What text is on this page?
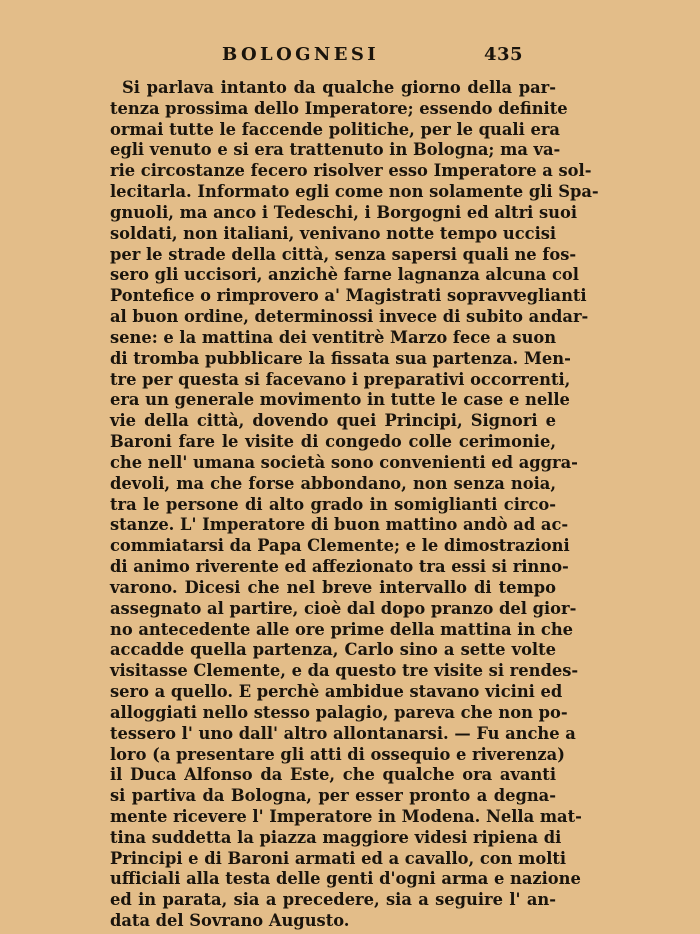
BOLOGNESI	435
Si parlava intanto da qualche giorno della par-
tenza prossima dello Imperatore; essendo definite
ormai tutte le faccende politiche, per le quali era
egli venuto e si era trattenuto in Bologna; ma va-
rie circostanze fecero risolver esso Imperatore a sol-
lecitarla. Informato egli come non solamente gli Spa-
gnuoli, ma anco i Tedeschi, i Borgogni ed altri suoi
soldati, non italiani, venivano notte tempo uccisi
per le strade della città, senza sapersi quali ne fos-
sero gli uccisori, anzichè farne lagnanza alcuna col
Pontefice o rimprovero a' Magistrati sopravveglianti
al buon ordine, determinossi invece di subito andar-
sene: e la mattina dei ventitrè Marzo fece a suon
di tromba pubblicare la fissata sua partenza. Men-
tre per questa si facevano i preparativi occorrenti,
era un generale movimento in tutte le case e nelle
vie della città, dovendo quei Principi, Signori e
Baroni fare le visite di congedo colle cerimonie,
che nell' umana società sono convenienti ed aggra-
devoli, ma che forse abbondano, non senza noia,
tra le persone di alto grado in somiglianti circo-
stanze. L' Imperatore di buon mattino andò ad ac-
commiatarsi da Papa Clemente; e le dimostrazioni
di animo riverente ed affezionato tra essi si rinno-
varono. Dicesi che nel breve intervallo di tempo
assegnato al partire, cioè dal dopo pranzo del gior-
no antecedente alle ore prime della mattina in che
accadde quella partenza, Carlo sino a sette volte
visitasse Clemente, e da questo tre visite si rendes-
sero a quello. E perchè ambidue stavano vicini ed
alloggiati nello stesso palagio, pareva che non po-
tessero l' uno dall' altro allontanarsi. — Fu anche a
loro (a presentare gli atti di ossequio e riverenza)
il Duca Alfonso da Este, che qualche ora avanti
si partiva da Bologna, per esser pronto a degna-
mente ricevere l' Imperatore in Modena. Nella mat-
tina suddetta la piazza maggiore videsi ripiena di
Principi e di Baroni armati ed a cavallo, con molti
ufficiali alla testa delle genti d'ogni arma e nazione
ed in parata, sia a precedere, sia a seguire l' an-
data del Sovrano Augusto.
